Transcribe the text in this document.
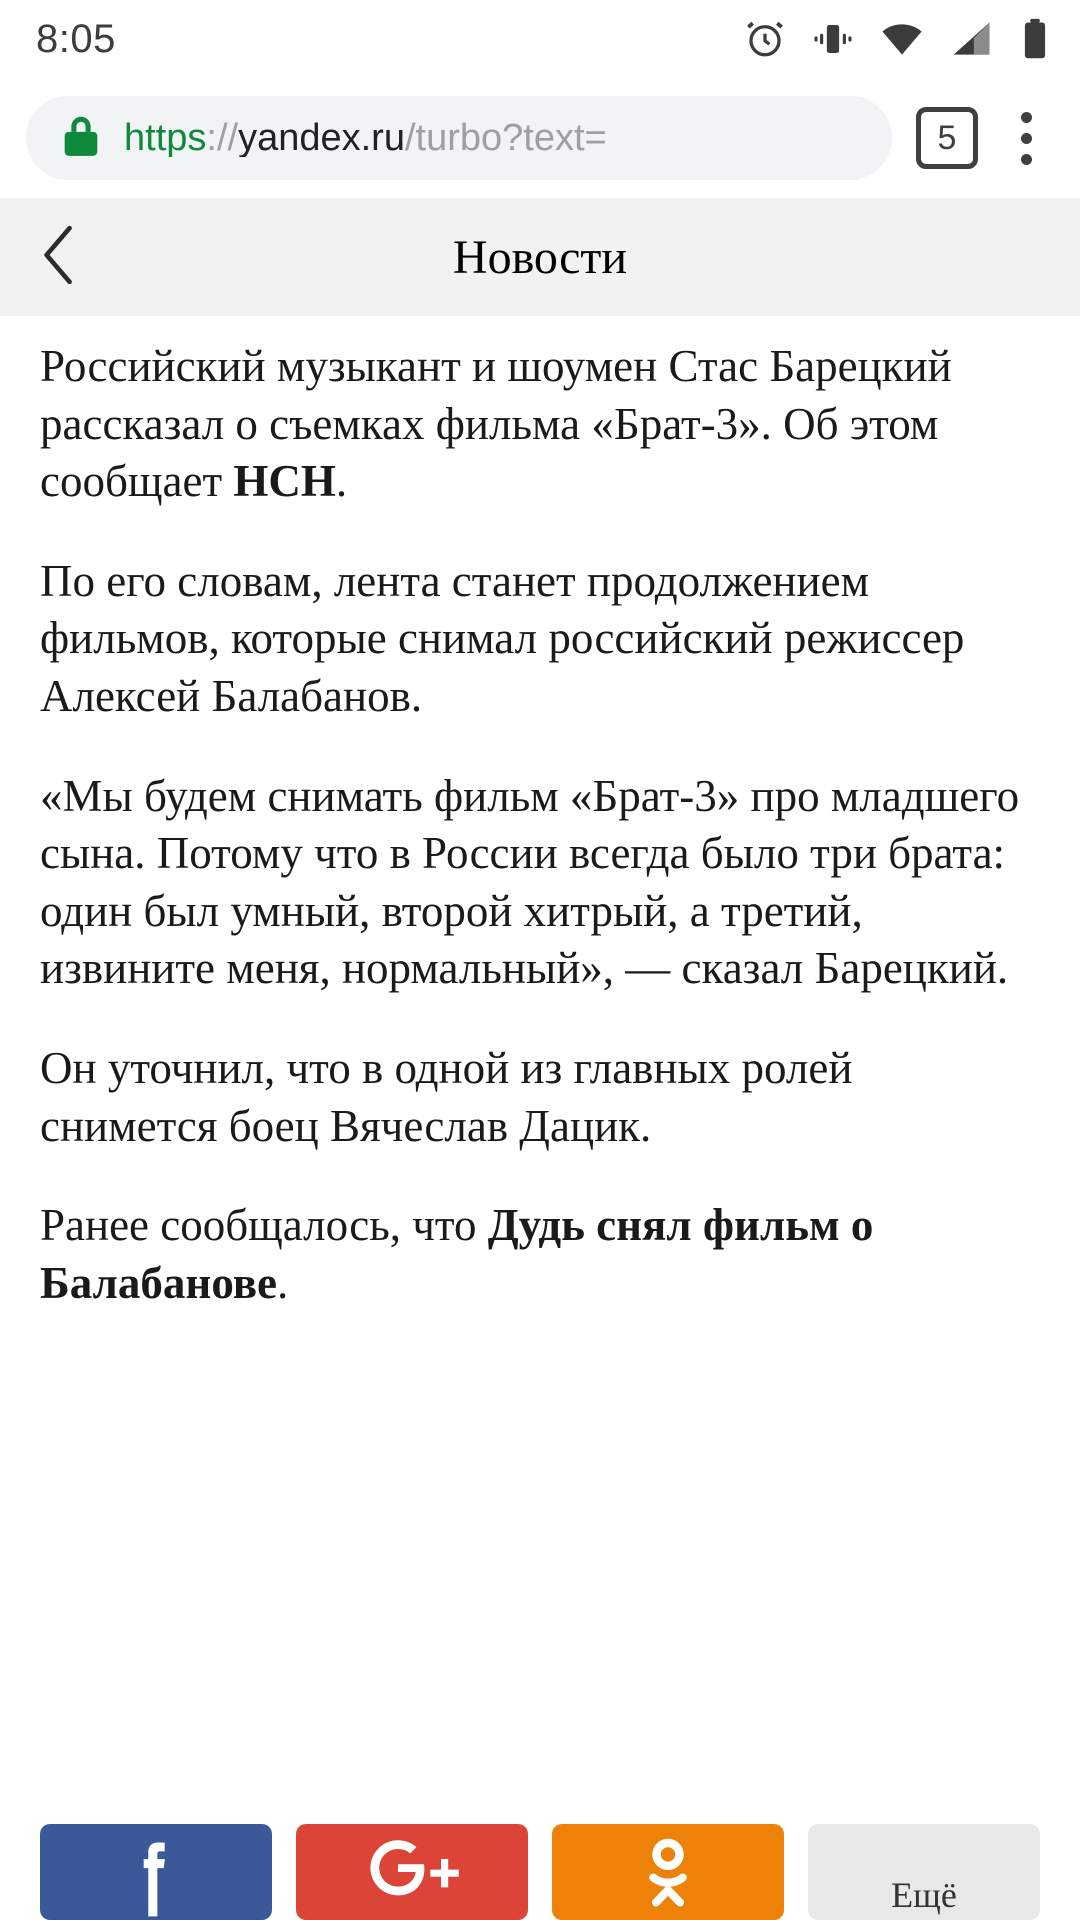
8:05
https://yandex.ru/turbo?text=	5
Новости

Российский музыкант и шоумен Стас Барецкий рассказал о съемках фильма «Брат-3». Об этом сообщает НСН.

По его словам, лента станет продолжением фильмов, которые снимал российский режиссер Алексей Балабанов.

«Мы будем снимать фильм «Брат-3» про младшего сына. Потому что в России всегда было три брата: один был умный, второй хитрый, а третий, извините меня, нормальный», — сказал Барецкий.

Он уточнил, что в одной из главных ролей снимется боец Вячеслав Дацик.

Ранее сообщалось, что Дудь снял фильм о Балабанове.

Ещё
